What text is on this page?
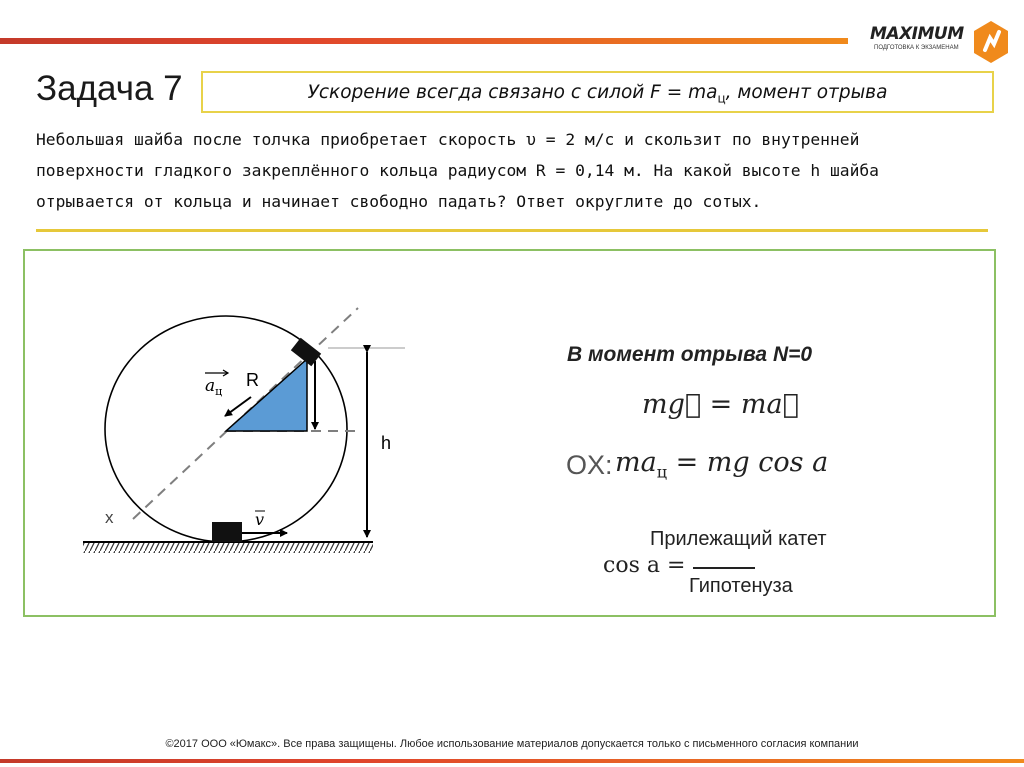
MAXIMUM
ПОДГОТОВКА К ЭКЗАМЕНАМ
Задача 7	Ускорение всегда связано с силой $F = ma_ц$, момент отрыва
Небольшая шайба после толчка приобретает скорость υ = 2 м/с и скользит по внутренней
поверхности гладкого закреплённого кольца радиусом R = 0,14 м. На какой высоте h шайба
отрывается от кольца и начинает свободно падать? Ответ округлите до сотых.
R
h
x	v
$a_ц$
В момент отрыва N=0
mg⃗ = ma⃗
OX: $ma_ц$ = mg cos a
cos a =
Прилежащий катет
Гипотенуза
©2017 ООО «Юмакс». Все права защищены. Любое использование материалов допускается только с письменного согласия компании
